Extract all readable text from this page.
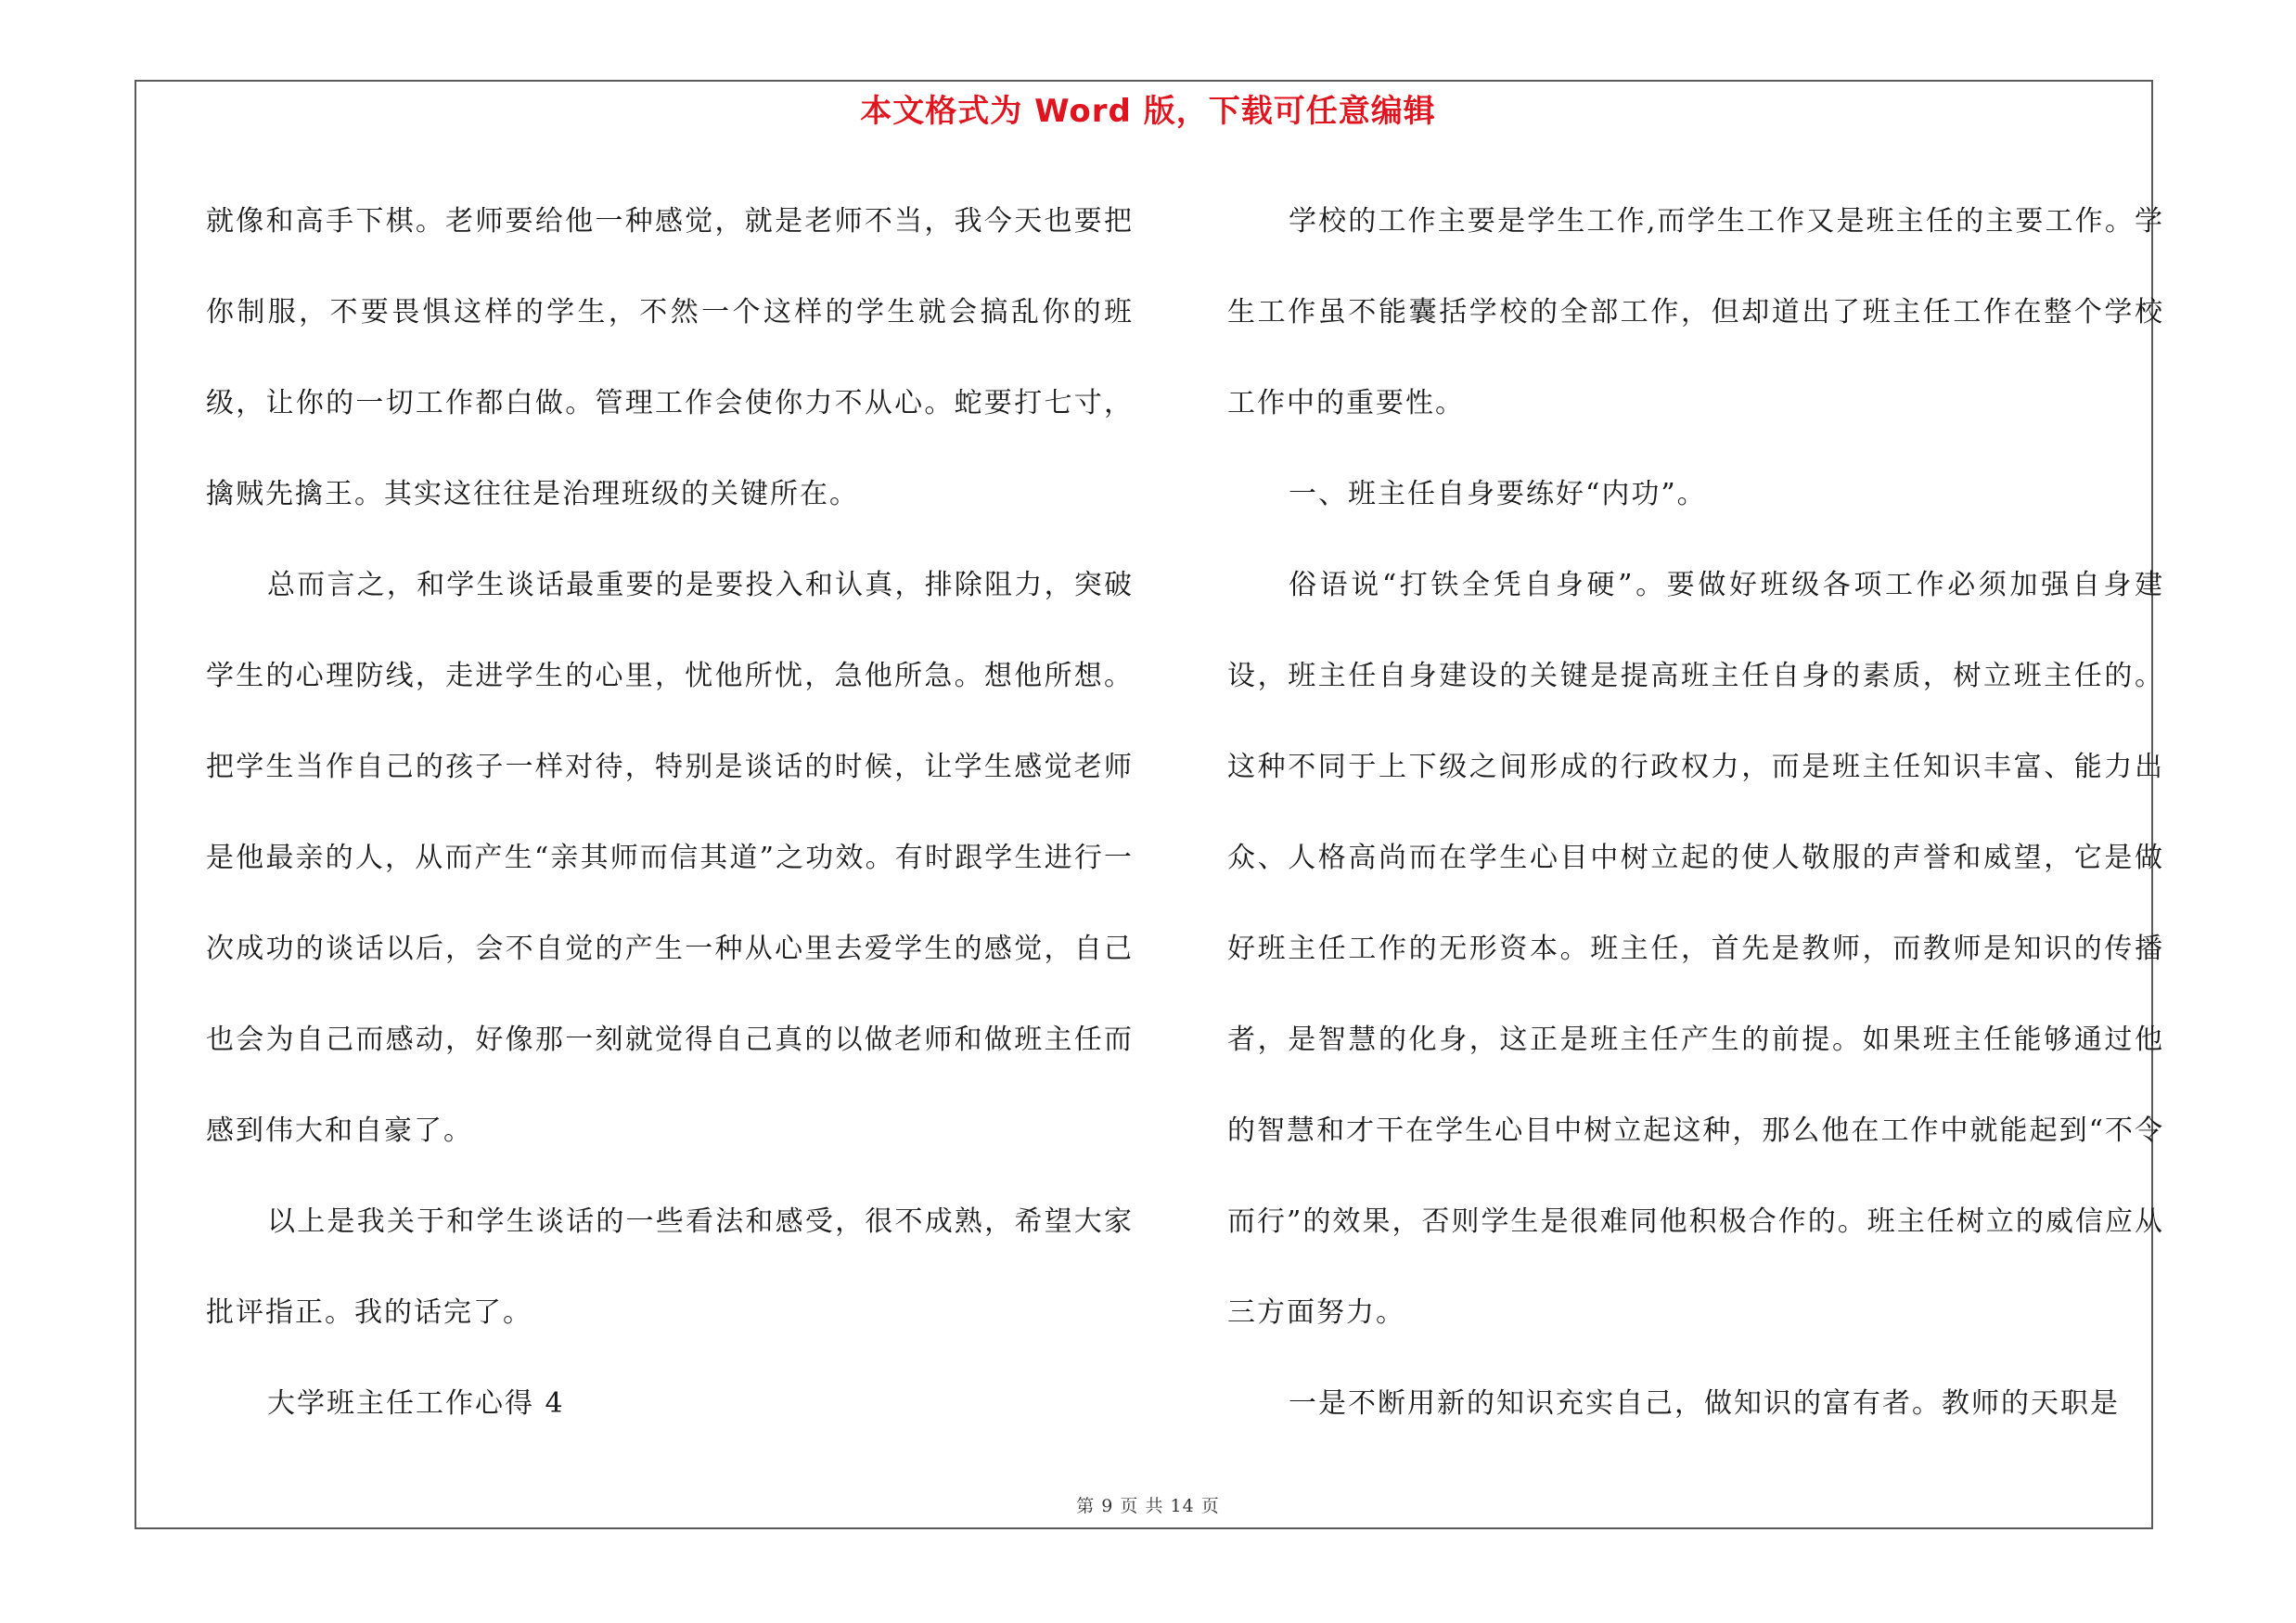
本文格式为 Word 版，下载可任意编辑

就像和高手下棋。老师要给他一种感觉，就是老师不当，我今天也要把你制服，不要畏惧这样的学生，不然一个这样的学生就会搞乱你的班级，让你的一切工作都白做。管理工作会使你力不从心。蛇要打七寸，擒贼先擒王。其实这往往是治理班级的关键所在。

总而言之，和学生谈话最重要的是要投入和认真，排除阻力，突破学生的心理防线，走进学生的心里，忧他所忧，急他所急。想他所想。把学生当作自己的孩子一样对待，特别是谈话的时候，让学生感觉老师是他最亲的人，从而产生“亲其师而信其道”之功效。有时跟学生进行一次成功的谈话以后，会不自觉的产生一种从心里去爱学生的感觉，自己也会为自己而感动，好像那一刻就觉得自己真的以做老师和做班主任而感到伟大和自豪了。

以上是我关于和学生谈话的一些看法和感受，很不成熟，希望大家批评指正。我的话完了。

大学班主任工作心得 4

学校的工作主要是学生工作,而学生工作又是班主任的主要工作。学生工作虽不能囊括学校的全部工作，但却道出了班主任工作在整个学校工作中的重要性。

一、班主任自身要练好“内功”。

俗语说“打铁全凭自身硬”。要做好班级各项工作必须加强自身建设，班主任自身建设的关键是提高班主任自身的素质，树立班主任的。这种不同于上下级之间形成的行政权力，而是班主任知识丰富、能力出众、人格高尚而在学生心目中树立起的使人敬服的声誉和威望，它是做好班主任工作的无形资本。班主任，首先是教师，而教师是知识的传播者，是智慧的化身，这正是班主任产生的前提。如果班主任能够通过他的智慧和才干在学生心目中树立起这种，那么他在工作中就能起到“不令而行”的效果，否则学生是很难同他积极合作的。班主任树立的威信应从三方面努力。

一是不断用新的知识充实自己，做知识的富有者。教师的天职是

第 9 页 共 14 页
